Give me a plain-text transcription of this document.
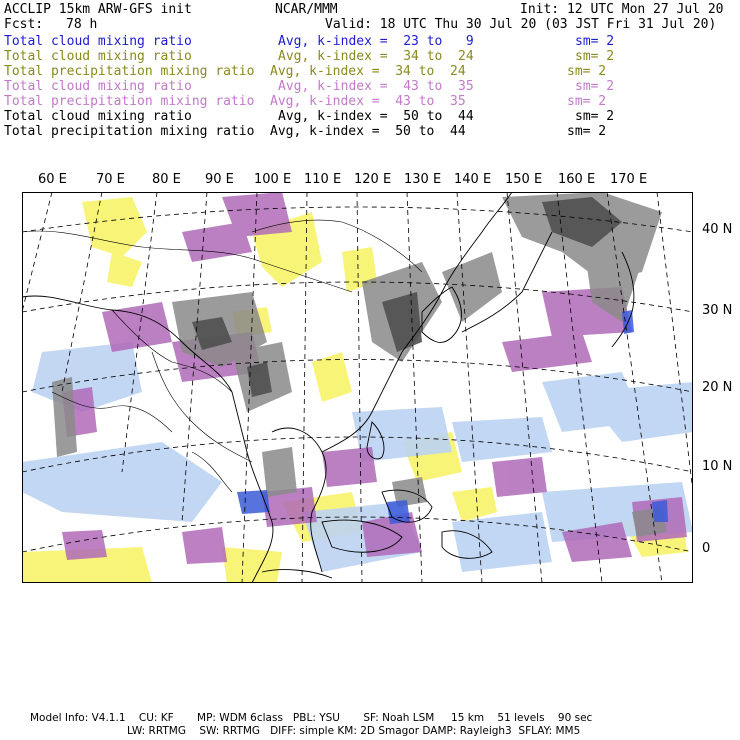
ACCLIP 15km ARW-GFS init	NCAR/MMM	Init: 12 UTC Mon 27 Jul 20
Fcst: 78 h	Valid: 18 UTC Thu 30 Jul 20 (03 JST Fri 31 Jul 20)
Total cloud mixing ratio	Avg, k-index =  23 to   9	sm= 2
Total cloud mixing ratio	Avg, k-index =  34 to  24	sm= 2
Total precipitation mixing ratio Avg, k-index =  34 to  24	sm= 2
Total cloud mixing ratio	Avg, k-index =  43 to  35	sm= 2
Total precipitation mixing ratio Avg, k-index =  43 to  35	sm= 2
Total cloud mixing ratio	Avg, k-index =  50 to  44	sm= 2
Total precipitation mixing ratio Avg, k-index =  50 to  44	sm= 2
60 E 70 E 80 E 90 E 100 E 110 E 120 E 130 E 140 E 150 E 160 E 170 E
40 N
30 N
20 N
10 N
0
Model Info: V4.1.1    CU: KF       MP: WDM 6class   PBL: YSU       SF: Noah LSM     15 km    51 levels    90 sec
LW: RRTMG    SW: RRTMG   DIFF: simple KM: 2D Smagor DAMP: Rayleigh3  SFLAY: MM5
